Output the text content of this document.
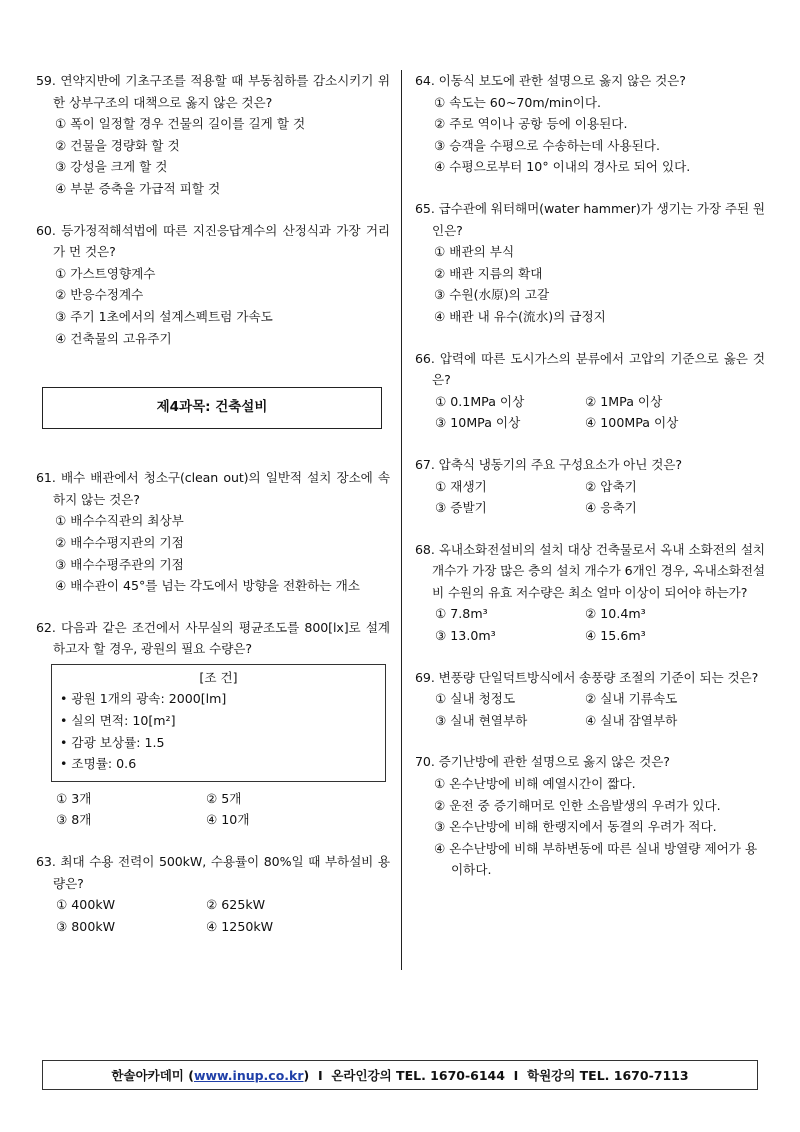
59. 연약지반에 기초구조를 적용할 때 부동침하를 감소시키기 위한 상부구조의 대책으로 옳지 않은 것은?
① 폭이 일정할 경우 건물의 길이를 길게 할 것
② 건물을 경량화 할 것
③ 강성을 크게 할 것
④ 부분 증축을 가급적 피할 것
60. 등가정적해석법에 따른 지진응답계수의 산정식과 가장 거리가 먼 것은?
① 가스트영향계수
② 반응수정계수
③ 주기 1초에서의 설계스펙트럼 가속도
④ 건축물의 고유주기
제4과목: 건축설비
61. 배수 배관에서 청소구(clean out)의 일반적 설치 장소에 속하지 않는 것은?
① 배수수직관의 최상부
② 배수수평지관의 기점
③ 배수수평주관의 기점
④ 배수관이 45°를 넘는 각도에서 방향을 전환하는 개소
62. 다음과 같은 조건에서 사무실의 평균조도를 800[lx]로 설계하고자 할 경우, 광원의 필요 수량은?
[조 건]
• 광원 1개의 광속: 2000[lm]
• 실의 면적: 10[m²]
• 감광 보상률: 1.5
• 조명률: 0.6
① 3개	② 5개
③ 8개	④ 10개
63. 최대 수용 전력이 500kW, 수용률이 80%일 때 부하설비 용량은?
① 400kW	② 625kW
③ 800kW	④ 1250kW
64. 이동식 보도에 관한 설명으로 옳지 않은 것은?
① 속도는 60~70m/min이다.
② 주로 역이나 공항 등에 이용된다.
③ 승객을 수평으로 수송하는데 사용된다.
④ 수평으로부터 10° 이내의 경사로 되어 있다.
65. 급수관에 워터해머(water hammer)가 생기는 가장 주된 원인은?
① 배관의 부식
② 배관 지름의 확대
③ 수원(水原)의 고갈
④ 배관 내 유수(流水)의 급정지
66. 압력에 따른 도시가스의 분류에서 고압의 기준으로 옳은 것은?
① 0.1MPa 이상	② 1MPa 이상
③ 10MPa 이상	④ 100MPa 이상
67. 압축식 냉동기의 주요 구성요소가 아닌 것은?
① 재생기	② 압축기
③ 증발기	④ 응축기
68. 옥내소화전설비의 설치 대상 건축물로서 옥내 소화전의 설치개수가 가장 많은 층의 설치 개수가 6개인 경우, 옥내소화전설비 수원의 유효 저수량은 최소 얼마 이상이 되어야 하는가?
① 7.8m³	② 10.4m³
③ 13.0m³	④ 15.6m³
69. 변풍량 단일덕트방식에서 송풍량 조절의 기준이 되는 것은?
① 실내 청정도	② 실내 기류속도
③ 실내 현열부하	④ 실내 잠열부하
70. 증기난방에 관한 설명으로 옳지 않은 것은?
① 온수난방에 비해 예열시간이 짧다.
② 운전 중 증기해머로 인한 소음발생의 우려가 있다.
③ 온수난방에 비해 한랭지에서 동결의 우려가 적다.
④ 온수난방에 비해 부하변동에 따른 실내 방열량 제어가 용이하다.
한솔아카데미 ( www.inup.co.kr )  I  온라인강의 TEL. 1670-6144  I  학원강의 TEL. 1670-7113
